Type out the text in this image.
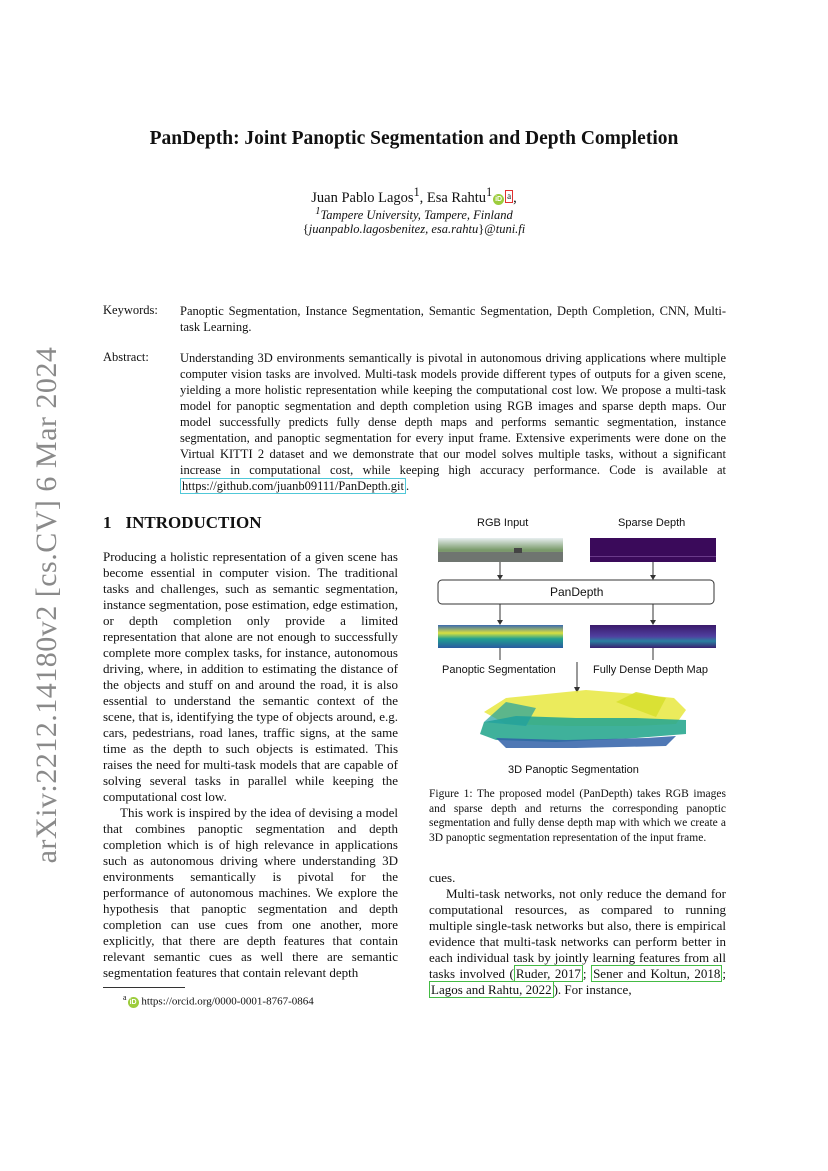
arXiv:2212.14180v2 [cs.CV] 6 Mar 2024
PanDepth: Joint Panoptic Segmentation and Depth Completion
Juan Pablo Lagos$^1$, Esa Rahtu$^1$iD a ,
$^1$Tampere University, Tampere, Finland
{juanpablo.lagosbenitez, esa.rahtu}@tuni.fi
Keywords: Panoptic Segmentation, Instance Segmentation, Semantic Segmentation, Depth Completion, CNN, Multi-task Learning.
Abstract: Understanding 3D environments semantically is pivotal in autonomous driving applications where multiple computer vision tasks are involved. Multi-task models provide different types of outputs for a given scene, yielding a more holistic representation while keeping the computational cost low. We propose a multi-task model for panoptic segmentation and depth completion using RGB images and sparse depth maps. Our model successfully predicts fully dense depth maps and performs semantic segmentation, instance segmentation, and panoptic segmentation for every input frame. Extensive experiments were done on the Virtual KITTI 2 dataset and we demonstrate that our model solves multiple tasks, without a significant increase in computational cost, while keeping high accuracy performance. Code is available at https://github.com/juanb09111/PanDepth.git .
1 INTRODUCTION

Producing a holistic representation of a given scene has become essential in computer vision. The traditional tasks and challenges, such as semantic segmentation, instance segmentation, pose estimation, edge estimation, or depth completion only provide a limited representation that alone are not enough to successfully complete more complex tasks, for instance, autonomous driving, where, in addition to estimating the distance of the objects and stuff on and around the road, it is also essential to understand the semantic context of the scene, that is, identifying the type of objects around, e.g. cars, pedestrians, road lanes, traffic signs, at the same time as the depth to such objects is estimated. This raises the need for multi-task models that are capable of solving several tasks in parallel while keeping the computational cost low.

This work is inspired by the idea of devising a model that combines panoptic segmentation and depth completion which is of high relevance in applications such as autonomous driving where understanding 3D environments semantically is pivotal for the performance of autonomous machines. We explore the hypothesis that panoptic segmentation and depth completion can use cues from one another, more explicitly, that there are depth features that contain relevant semantic cues as well there are semantic segmentation features that contain relevant depth

$^a$iD https://orcid.org/0000-0001-8767-0864
RGB Input	Sparse Depth
PanDepth
Panoptic Segmentation	Fully Dense Depth Map
3D Panoptic Segmentation
Figure 1: The proposed model (PanDepth) takes RGB images and sparse depth and returns the corresponding panoptic segmentation and fully dense depth map with which we create a 3D panoptic segmentation representation of the input frame.

cues.

Multi-task networks, not only reduce the demand for computational resources, as compared to running multiple single-task networks but also, there is empirical evidence that multi-task networks can perform better in each individual task by jointly learning features from all tasks involved ( Ruder, 2017 ; Sener and Koltun, 2018 ; Lagos and Rahtu, 2022 ). For instance,
